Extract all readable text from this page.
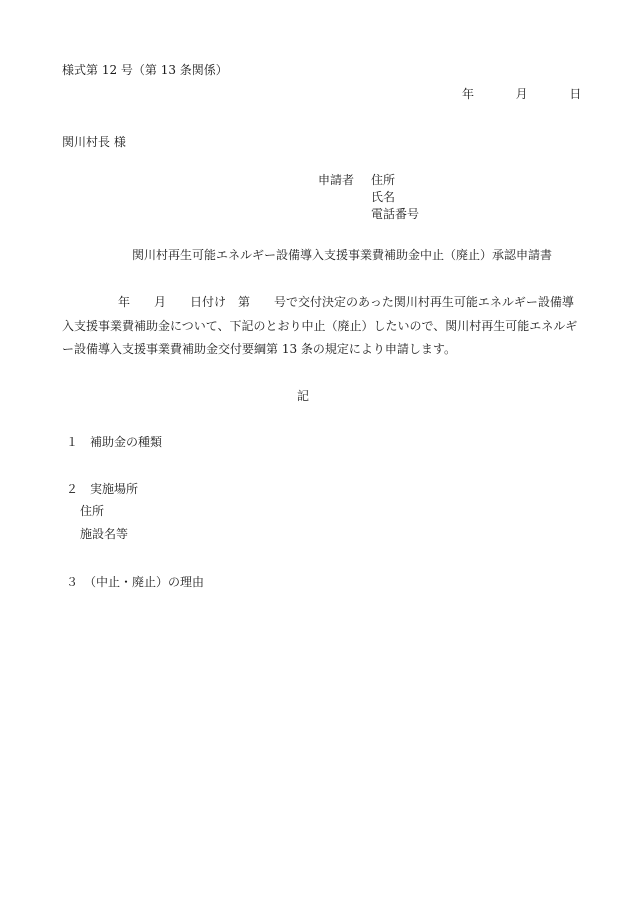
様式第 12 号（第 13 条関係）
年	月	日
関川村長 様
申請者 住所
氏名
電話番号
関川村再生可能エネルギー設備導入支援事業費補助金中止（廃止）承認申請書
年　　月　　日付け　第　　号で交付決定のあった関川村再生可能エネルギー設備導
入支援事業費補助金について、下記のとおり中止（廃止）したいので、関川村再生可能エネルギ
ー設備導入支援事業費補助金交付要綱第 13 条の規定により申請します。
記
１　補助金の種類
２　実施場所
住所
施設名等
３　（中止・廃止）の理由
